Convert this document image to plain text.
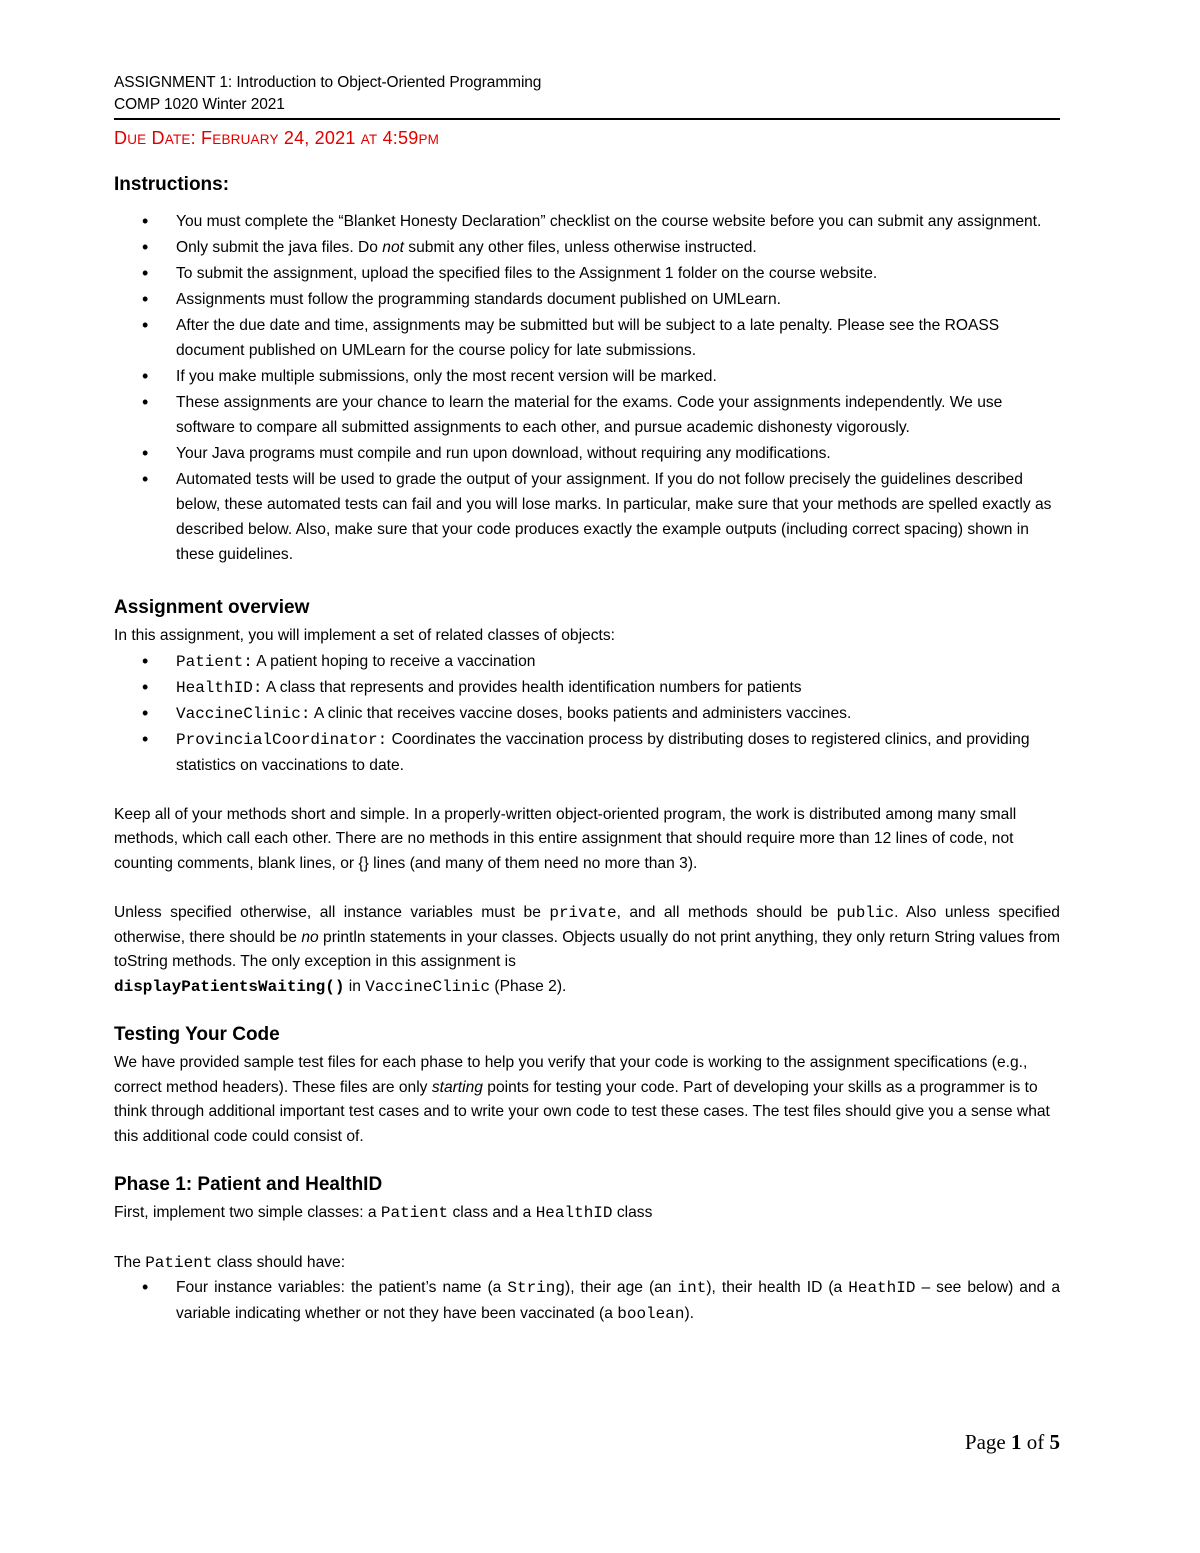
ASSIGNMENT 1: Introduction to Object-Oriented Programming
COMP 1020 Winter 2021
DUE DATE: FEBRUARY 24, 2021 AT 4:59PM
Instructions:
• You must complete the “Blanket Honesty Declaration” checklist on the course website before you can submit any assignment.
• Only submit the java files. Do not submit any other files, unless otherwise instructed.
• To submit the assignment, upload the specified files to the Assignment 1 folder on the course website.
• Assignments must follow the programming standards document published on UMLearn.
• After the due date and time, assignments may be submitted but will be subject to a late penalty. Please see the ROASS document published on UMLearn for the course policy for late submissions.
• If you make multiple submissions, only the most recent version will be marked.
• These assignments are your chance to learn the material for the exams. Code your assignments independently. We use software to compare all submitted assignments to each other, and pursue academic dishonesty vigorously.
• Your Java programs must compile and run upon download, without requiring any modifications.
• Automated tests will be used to grade the output of your assignment. If you do not follow precisely the guidelines described below, these automated tests can fail and you will lose marks. In particular, make sure that your methods are spelled exactly as described below. Also, make sure that your code produces exactly the example outputs (including correct spacing) shown in these guidelines.
Assignment overview

In this assignment, you will implement a set of related classes of objects:

• Patient: A patient hoping to receive a vaccination
• HealthID: A class that represents and provides health identification numbers for patients
• VaccineClinic: A clinic that receives vaccine doses, books patients and administers vaccines.
• ProvincialCoordinator: Coordinates the vaccination process by distributing doses to registered clinics, and providing statistics on vaccinations to date.

Keep all of your methods short and simple. In a properly-written object-oriented program, the work is distributed among many small methods, which call each other. There are no methods in this entire assignment that should require more than 12 lines of code, not counting comments, blank lines, or {} lines (and many of them need no more than 3).

Unless specified otherwise, all instance variables must be private, and all methods should be public. Also unless specified otherwise, there should be no println statements in your classes. Objects usually do not print anything, they only return String values from toString methods. The only exception in this assignment is

displayPatientsWaiting() in VaccineClinic (Phase 2).

Testing Your Code

We have provided sample test files for each phase to help you verify that your code is working to the assignment specifications (e.g., correct method headers). These files are only starting points for testing your code. Part of developing your skills as a programmer is to think through additional important test cases and to write your own code to test these cases. The test files should give you a sense what this additional code could consist of.

Phase 1: Patient and HealthID

First, implement two simple classes: a Patient class and a HealthID class

The Patient class should have:

• Four instance variables: the patient’s name (a String), their age (an int), their health ID (a HeathID – see below) and a variable indicating whether or not they have been vaccinated (a boolean).
Page 1 of 5
